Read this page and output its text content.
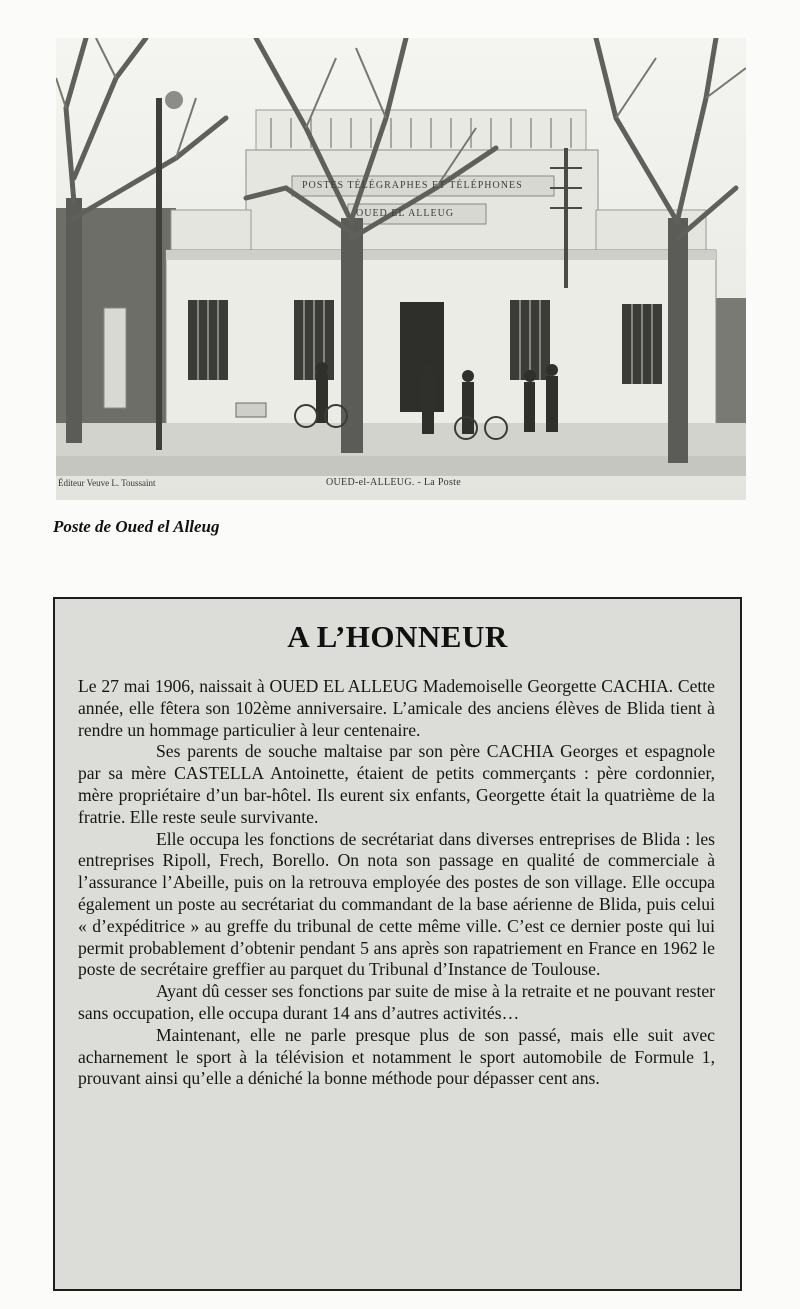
POSTES TÉLÉGRAPHES ET TÉLÉPHONES
OUED EL ALLEUG
Éditeur Veuve L. Toussaint	OUED-el-ALLEUG. - La Poste
Poste de Oued el Alleug
A L’HONNEUR

Le 27 mai 1906, naissait à OUED EL ALLEUG Mademoiselle Georgette CACHIA. Cette année, elle fêtera son 102ème anniversaire. L’amicale des anciens élèves de Blida tient à rendre un hommage particulier à leur centenaire.

Ses parents de souche maltaise par son père CACHIA Georges et espagnole par sa mère CASTELLA Antoinette, étaient de petits commerçants : père cordonnier, mère propriétaire d’un bar-hôtel. Ils eurent six enfants, Georgette était la quatrième de la fratrie. Elle reste seule survivante.

Elle occupa les fonctions de secrétariat dans diverses entreprises de Blida : les entreprises Ripoll, Frech, Borello. On nota son passage en qualité de commerciale à l’assurance l’Abeille, puis on la retrouva employée des postes de son village. Elle occupa également un poste au secrétariat du commandant de la base aérienne de Blida, puis celui « d’expéditrice » au greffe du tribunal de cette même ville. C’est ce dernier poste qui lui permit probablement d’obtenir pendant 5 ans après son rapatriement en France en 1962 le poste de secrétaire greffier au parquet du Tribunal d’Instance de Toulouse.

Ayant dû cesser ses fonctions par suite de mise à la retraite et ne pouvant rester sans occupation, elle occupa durant 14 ans d’autres activités…

Maintenant, elle ne parle presque plus de son passé, mais elle suit avec acharnement le sport à la télévision et notamment le sport automobile de Formule 1, prouvant ainsi qu’elle a déniché la bonne méthode pour dépasser cent ans.
